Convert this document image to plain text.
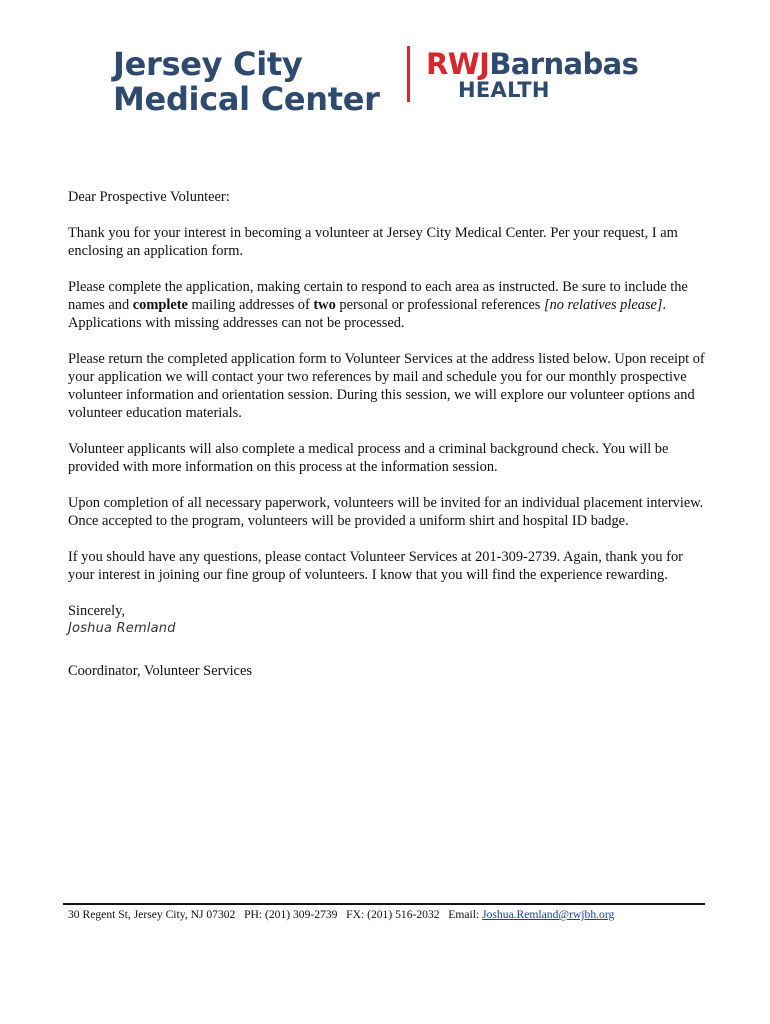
Jersey City
Medical Center
RWJBarnabas
HEALTH

Dear Prospective Volunteer:

Thank you for your interest in becoming a volunteer at Jersey City Medical Center. Per your request, I am enclosing an application form.

Please complete the application, making certain to respond to each area as instructed. Be sure to include the names and complete mailing addresses of two personal or professional references [no relatives please]. Applications with missing addresses can not be processed.

Please return the completed application form to Volunteer Services at the address listed below. Upon receipt of your application we will contact your two references by mail and schedule you for our monthly prospective volunteer information and orientation session. During this session, we will explore our volunteer options and volunteer education materials.

Volunteer applicants will also complete a medical process and a criminal background check. You will be provided with more information on this process at the information session.

Upon completion of all necessary paperwork, volunteers will be invited for an individual placement interview. Once accepted to the program, volunteers will be provided a uniform shirt and hospital ID badge.

If you should have any questions, please contact Volunteer Services at 201-309-2739. Again, thank you for your interest in joining our fine group of volunteers. I know that you will find the experience rewarding.

Sincerely,

Joshua Remland

Coordinator, Volunteer Services

30 Regent St, Jersey City, NJ 07302 PH: (201) 309-2739 FX: (201) 516-2032 Email: Joshua.Remland@rwjbh.org
